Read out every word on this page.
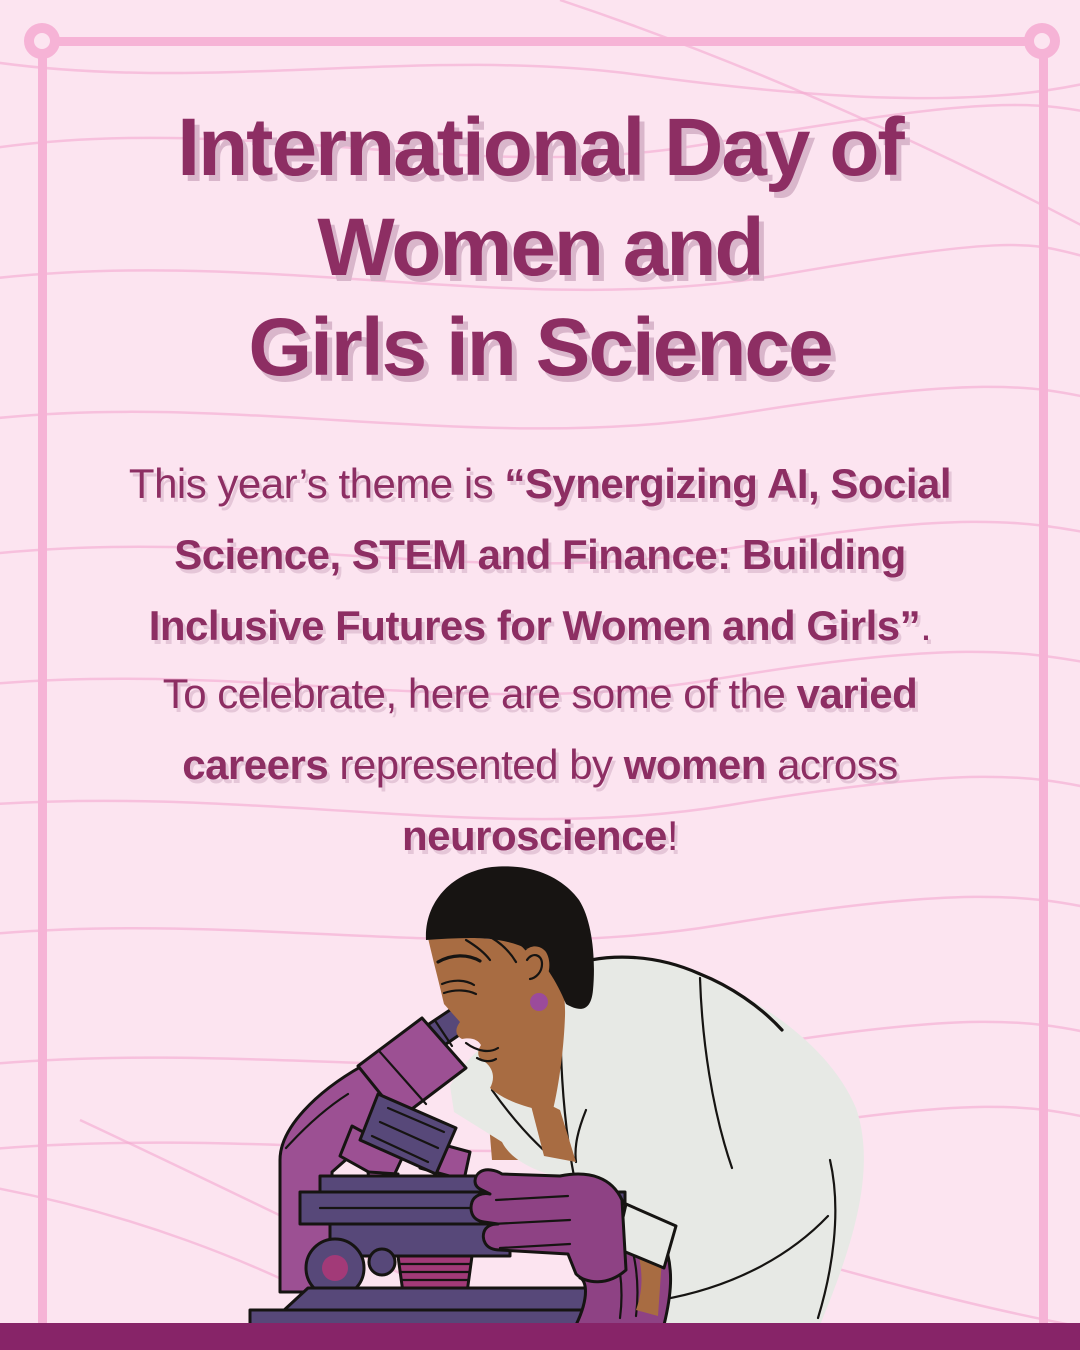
International Day of
Women and
Girls in Science

This year’s theme is “Synergizing AI, Social
Science, STEM and Finance: Building
Inclusive Futures for Women and Girls”.

To celebrate, here are some of the varied
careers represented by women across
neuroscience!
